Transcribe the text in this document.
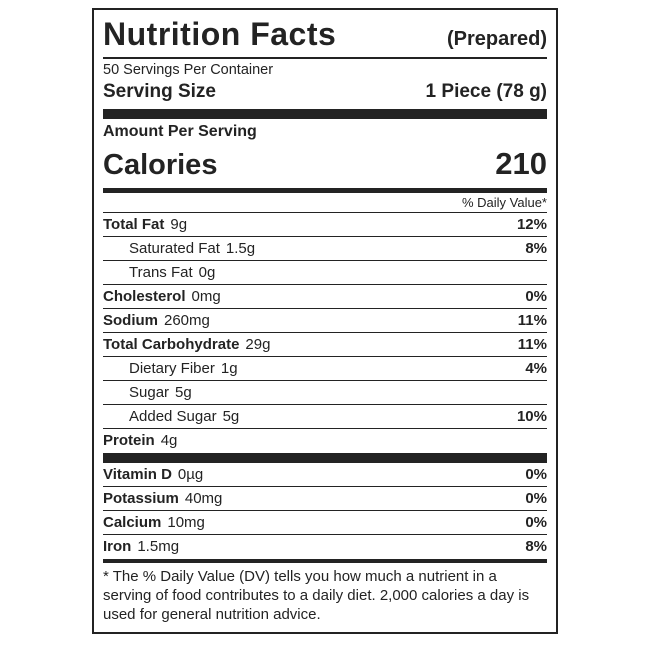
Nutrition Facts	(Prepared)
50 Servings Per Container
Serving Size	1 Piece (78 g)
Amount Per Serving
Calories	210
% Daily Value*
Total Fat 9g	12%
Saturated Fat 1.5g	8%
Trans Fat 0g
Cholesterol 0mg	0%
Sodium 260mg	11%
Total Carbohydrate 29g	11%
Dietary Fiber 1g	4%
Sugar 5g
Added Sugar 5g	10%
Protein 4g
Vitamin D 0µg	0%
Potassium 40mg	0%
Calcium 10mg	0%
Iron 1.5mg	8%
* The % Daily Value (DV) tells you how much a nutrient in a serving of food contributes to a daily diet. 2,000 calories a day is used for general nutrition advice.
